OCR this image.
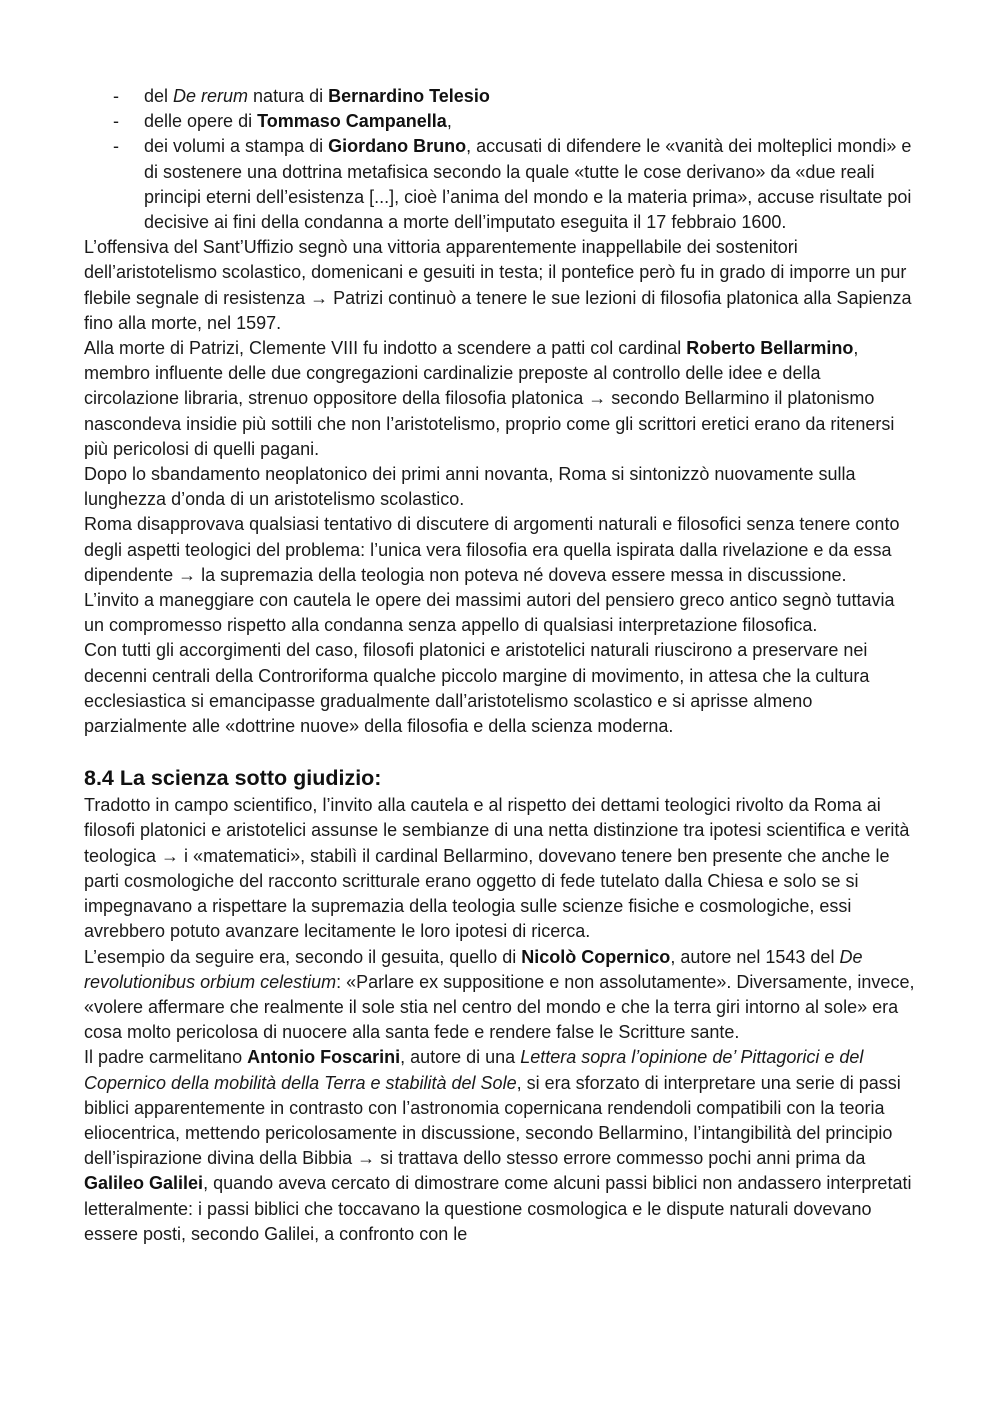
- del De rerum natura di Bernardino Telesio
- delle opere di Tommaso Campanella,
- dei volumi a stampa di Giordano Bruno, accusati di difendere le «vanità dei molteplici mondi» e di sostenere una dottrina metafisica secondo la quale «tutte le cose derivano» da «due reali principi eterni dell’esistenza [...], cioè l’anima del mondo e la materia prima», accuse risultate poi decisive ai fini della condanna a morte dell’imputato eseguita il 17 febbraio 1600.

L’offensiva del Sant’Uffizio segnò una vittoria apparentemente inappellabile dei sostenitori dell’aristotelismo scolastico, domenicani e gesuiti in testa; il pontefice però fu in grado di imporre un pur flebile segnale di resistenza → Patrizi continuò a tenere le sue lezioni di filosofia platonica alla Sapienza fino alla morte, nel 1597.

Alla morte di Patrizi, Clemente VIII fu indotto a scendere a patti col cardinal Roberto Bellarmino, membro influente delle due congregazioni cardinalizie preposte al controllo delle idee e della circolazione libraria, strenuo oppositore della filosofia platonica → secondo Bellarmino il platonismo nascondeva insidie più sottili che non l’aristotelismo, proprio come gli scrittori eretici erano da ritenersi più pericolosi di quelli pagani.

Dopo lo sbandamento neoplatonico dei primi anni novanta, Roma si sintonizzò nuovamente sulla lunghezza d’onda di un aristotelismo scolastico.

Roma disapprovava qualsiasi tentativo di discutere di argomenti naturali e filosofici senza tenere conto degli aspetti teologici del problema: l’unica vera filosofia era quella ispirata dalla rivelazione e da essa dipendente → la supremazia della teologia non poteva né doveva essere messa in discussione.

L’invito a maneggiare con cautela le opere dei massimi autori del pensiero greco antico segnò tuttavia un compromesso rispetto alla condanna senza appello di qualsiasi interpretazione filosofica.

Con tutti gli accorgimenti del caso, filosofi platonici e aristotelici naturali riuscirono a preservare nei decenni centrali della Controriforma qualche piccolo margine di movimento, in attesa che la cultura ecclesiastica si emancipasse gradualmente dall’aristotelismo scolastico e si aprisse almeno parzialmente alle «dottrine nuove» della filosofia e della scienza moderna.

8.4 La scienza sotto giudizio:

Tradotto in campo scientifico, l’invito alla cautela e al rispetto dei dettami teologici rivolto da Roma ai filosofi platonici e aristotelici assunse le sembianze di una netta distinzione tra ipotesi scientifica e verità teologica → i «matematici», stabilì il cardinal Bellarmino, dovevano tenere ben presente che anche le parti cosmologiche del racconto scritturale erano oggetto di fede tutelato dalla Chiesa e solo se si impegnavano a rispettare la supremazia della teologia sulle scienze fisiche e cosmologiche, essi avrebbero potuto avanzare lecitamente le loro ipotesi di ricerca.

L’esempio da seguire era, secondo il gesuita, quello di Nicolò Copernico, autore nel 1543 del De revolutionibus orbium celestium: «Parlare ex suppositione e non assolutamente». Diversamente, invece, «volere affermare che realmente il sole stia nel centro del mondo e che la terra giri intorno al sole» era cosa molto pericolosa di nuocere alla santa fede e rendere false le Scritture sante.

Il padre carmelitano Antonio Foscarini, autore di una Lettera sopra l’opinione de’ Pittagorici e del Copernico della mobilità della Terra e stabilità del Sole, si era sforzato di interpretare una serie di passi biblici apparentemente in contrasto con l’astronomia copernicana rendendoli compatibili con la teoria eliocentrica, mettendo pericolosamente in discussione, secondo Bellarmino, l’intangibilità del principio dell’ispirazione divina della Bibbia → si trattava dello stesso errore commesso pochi anni prima da Galileo Galilei, quando aveva cercato di dimostrare come alcuni passi biblici non andassero interpretati letteralmente: i passi biblici che toccavano la questione cosmologica e le dispute naturali dovevano essere posti, secondo Galilei, a confronto con le
